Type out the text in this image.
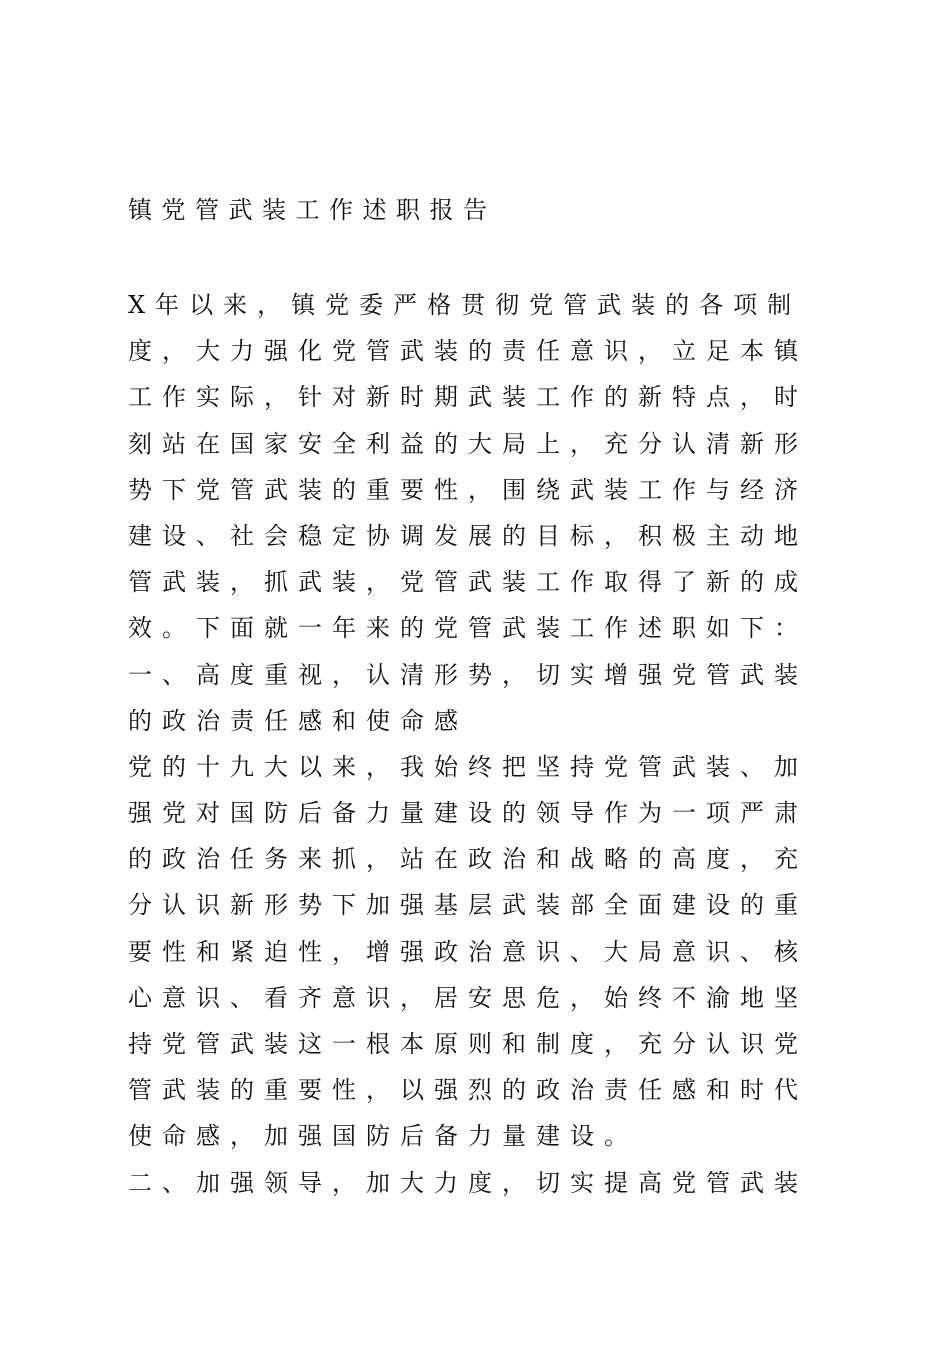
镇党管武装工作述职报告
X年以来，镇党委严格贯彻党管武装的各项制
度，大力强化党管武装的责任意识，立足本镇
工作实际，针对新时期武装工作的新特点，时
刻站在国家安全利益的大局上，充分认清新形
势下党管武装的重要性，围绕武装工作与经济
建设、社会稳定协调发展的目标，积极主动地
管武装，抓武装，党管武装工作取得了新的成
效。下面就一年来的党管武装工作述职如下：
一、高度重视，认清形势，切实增强党管武装
的政治责任感和使命感
党的十九大以来，我始终把坚持党管武装、加
强党对国防后备力量建设的领导作为一项严肃
的政治任务来抓，站在政治和战略的高度，充
分认识新形势下加强基层武装部全面建设的重
要性和紧迫性，增强政治意识、大局意识、核
心意识、看齐意识，居安思危，始终不渝地坚
持党管武装这一根本原则和制度，充分认识党
管武装的重要性，以强烈的政治责任感和时代
使命感，加强国防后备力量建设。
二、加强领导，加大力度，切实提高党管武装
